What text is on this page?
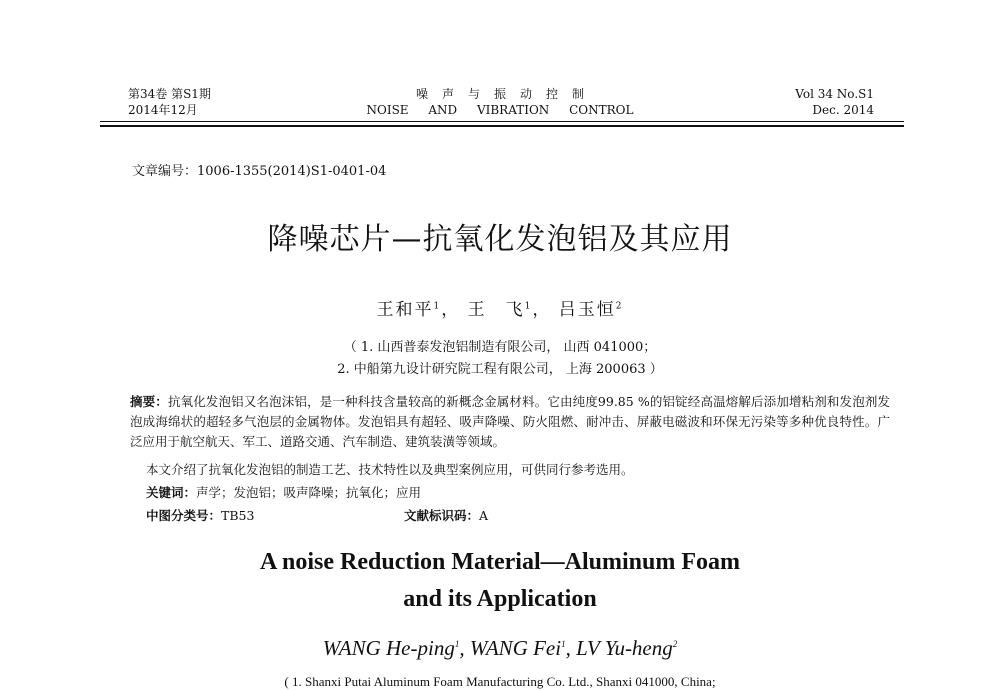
第34卷 第S1期
2014年12月
噪声与振动控制
NOISE AND VIBRATION CONTROL
Vol 34 No.S1
Dec. 2014
文章编号：1006-1355(2014)S1-0401-04
降噪芯片—抗氧化发泡铝及其应用
王和平$^1$， 王　飞$^1$， 吕玉恒$^2$
（ 1. 山西普泰发泡铝制造有限公司， 山西 041000；
2. 中船第九设计研究院工程有限公司， 上海 200063 ）
摘要：抗氧化发泡铝又名泡沫铝，是一种科技含量较高的新概念金属材料。它由纯度99.85 %的铝锭经高温熔解后添加增粘剂和发泡剂发泡成海绵状的超轻多气泡层的金属物体。发泡铝具有超轻、吸声降噪、防火阻燃、耐冲击、屏蔽电磁波和环保无污染等多种优良特性。广泛应用于航空航天、军工、道路交通、汽车制造、建筑装潢等领域。
本文介绍了抗氧化发泡铝的制造工艺、技术特性以及典型案例应用，可供同行参考选用。
关键词：声学；发泡铝；吸声降噪；抗氧化；应用
中图分类号：TB53	文献标识码：A
A noise Reduction Material—Aluminum Foam
and its Application
WANG He-ping$^1$, WANG Fei$^1$, LV Yu-heng$^2$
( 1. Shanxi Putai Aluminum Foam Manufacturing Co. Ltd., Shanxi 041000, China;
